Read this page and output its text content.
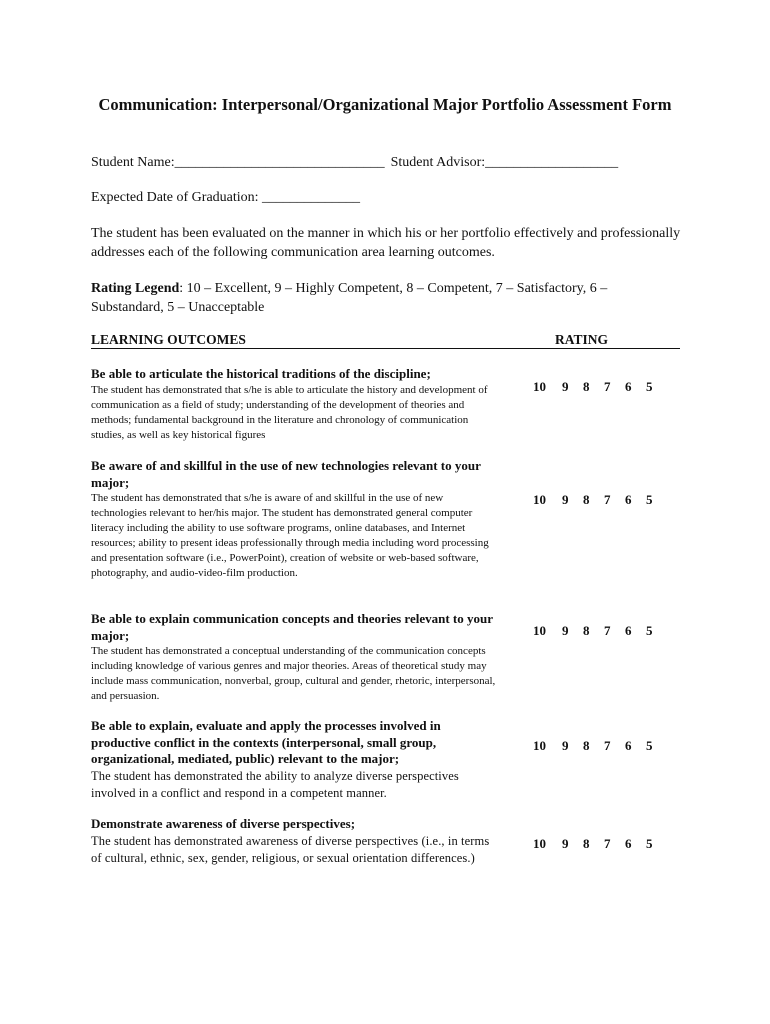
Communication: Interpersonal/Organizational Major Portfolio Assessment Form
Student Name:______________________________ Student Advisor:___________________
Expected Date of Graduation: ______________
The student has been evaluated on the manner in which his or her portfolio effectively and professionally addresses each of the following communication area learning outcomes.
Rating Legend: 10 – Excellent, 9 – Highly Competent, 8 – Competent, 7 – Satisfactory, 6 – Substandard, 5 – Unacceptable
LEARNING OUTCOMES	RATING
Be able to articulate the historical traditions of the discipline;
The student has demonstrated that s/he is able to articulate the history and development of communication as a field of study; understanding of the development of theories and methods; fundamental background in the literature and chronology of communication studies, as well as key historical figures
10 9 8 7 6 5
Be aware of and skillful in the use of new technologies relevant to your major;
The student has demonstrated that s/he is aware of and skillful in the use of new technologies relevant to her/his major. The student has demonstrated general computer literacy including the ability to use software programs, online databases, and Internet resources; ability to present ideas professionally through media including word processing and presentation software (i.e., PowerPoint), creation of website or web-based software, photography, and audio-video-film production.
10 9 8 7 6 5
Be able to explain communication concepts and theories relevant to your major;
The student has demonstrated a conceptual understanding of the communication concepts including knowledge of various genres and major theories. Areas of theoretical study may include mass communication, nonverbal, group, cultural and gender, rhetoric, interpersonal, and persuasion.
10 9 8 7 6 5
Be able to explain, evaluate and apply the processes involved in productive conflict in the contexts (interpersonal, small group, organizational, mediated, public) relevant to the major;
The student has demonstrated the ability to analyze diverse perspectives involved in a conflict and respond in a competent manner.
10 9 8 7 6 5
Demonstrate awareness of diverse perspectives;
The student has demonstrated awareness of diverse perspectives (i.e., in terms of cultural, ethnic, sex, gender, religious, or sexual orientation differences.)
10 9 8 7 6 5
